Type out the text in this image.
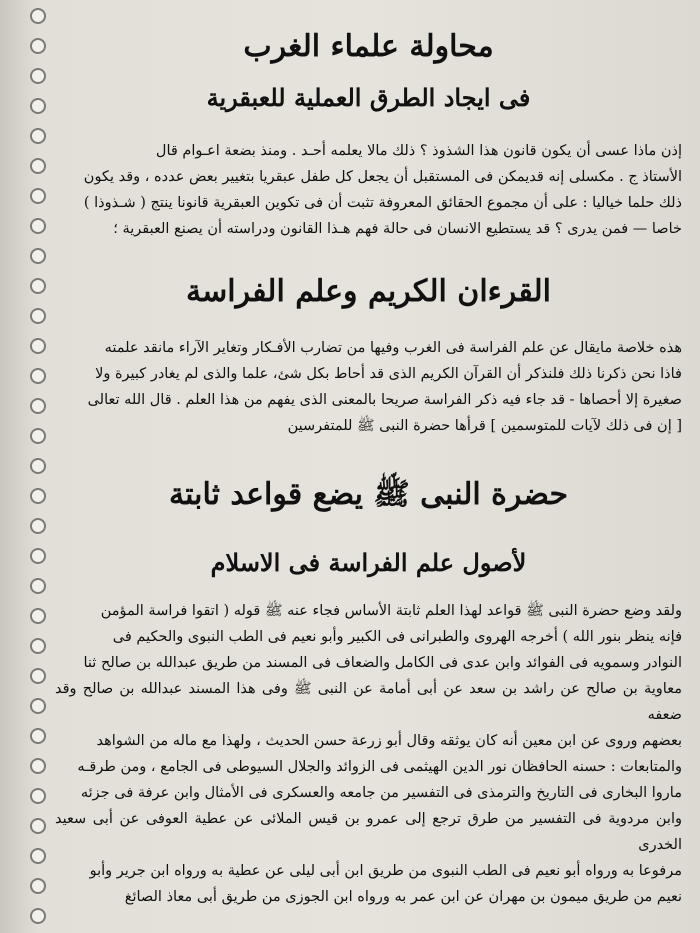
محاولة علماء الغرب
فى ايجاد الطرق العملية للعبقرية

إذن ماذا عسى أن يكون قانون هذا الشذوذ ؟ ذلك مالا يعلمه أحـد . ومنذ بضعة اعـوام قال

الأستاذ ج . مكسلى إنه قديمكن فى المستقبل أن يجعل كل طفل عبقريا بتغيير بعض عدده ، وقد يكون

ذلك حلما خياليا : على أن مجموع الحقائق المعروفة تثبت أن فى تكوين العبقرية قانونا ينتج ( شـذوذا )

خاصا — فمن يدرى ؟ قد يستطيع الانسان فى حالة فهم هـذا القانون ودراسته أن يصنع العبقرية ؛

القرءان الكريم وعلم الفراسة

هذه خلاصة مايقال عن علم الفراسة فى الغرب وفيها من تضارب الأفـكار وتغاير الآراء مانقد علمته

فاذا نحن ذكرنا ذلك فلنذكر أن القرآن الكريم الذى قد أحاط بكل شئ، علما والذى لم يغادر كبيرة ولا

صغيرة إلا أحصاها - قد جاء فيه ذكر الفراسة صريحا بالمعنى الذى يفهم من هذا العلم . قال الله تعالى

[ إن فى ذلك لآيات للمتوسمين ] قرأها حضرة النبى ﷺ للمتفرسين

حضرة النبى ﷺ يضع قواعد ثابتة
لأصول علم الفراسة فى الاسلام

ولقد وضع حضرة النبى ﷺ قواعد لهذا العلم ثابتة الأساس فجاء عنه ﷺ قوله ( اتقوا فراسة المؤمن

فإنه ينظر بنور الله ) أخرجه الهروى والطبرانى فى الكبير وأبو نعيم فى الطب النبوى والحكيم فى

النوادر وسمويه فى الفوائد وابن عدى فى الكامل والضعاف فى المسند من طريق عبدالله بن صالح ثنا

معاوية بن صالح عن راشد بن سعد عن أبى أمامة عن النبى ﷺ وفى هذا المسند عبدالله بن صالح وقد ضعفه

بعضهم وروى عن ابن معين أنه كان يوثقه وقال أبو زرعة حسن الحديث ، ولهذا مع ماله من الشواهد

والمتابعات : حسنه الحافظان نور الدين الهيثمى فى الزوائد والجلال السيوطى فى الجامع ، ومن طرقـه

ماروا البخارى فى التاريخ والترمذى فى التفسير من جامعه والعسكرى فى الأمثال وابن عرفة فى جزئه

وابن مردوية فى التفسير من طرق ترجع إلى عمرو بن قيس الملائى عن عطية العوفى عن أبى سعيد الخدرى

مرفوعا به ورواه أبو نعيم فى الطب النبوى من طريق ابن أبى ليلى عن عطية به ورواه ابن جرير وأبو

نعيم من طريق ميمون بن مهران عن ابن عمر به ورواه ابن الجوزى من طريق أبى معاذ الصائغ
